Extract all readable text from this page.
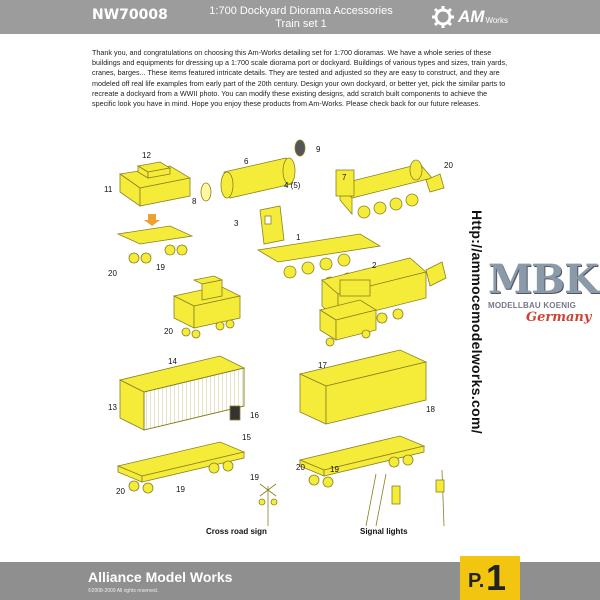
NW70008	1:700 Dockyard Diorama Accessories
Train set 1	AM Works

Thank you, and congratulations on choosing this Am-Works detailing set for 1:700 dioramas. We have a whole series of these buildings and equipments for dressing up a 1:700 scale diorama port or dockyard. Buildings of various types and sizes, train yards, cranes, barges... These items featured intricate details. They are tested and adjusted so they are easy to construct, and they are modeled off real life examples from early part of the 20th century. Design your own dockyard, or better yet, pick the similar parts to recreate a dockyard from a WWII photo. You can modify these existing designs, add scratch built components to achieve the specific look you have in mind. Hope you enjoy these products from Am-Works. Please check back for our future releases.

12
11
8
6
9
4 (5)
7
20
3
1
2
19
20
20
14
13
16
15
17
18
19
19
20
20	19
Cross road sign	Signal lights
Http://ammocemodelworks.com/ MBK
MODELLBAU KOENIG
Germany
Alliance Model Works
©2008-2009 All rights reserved.	P. 1
